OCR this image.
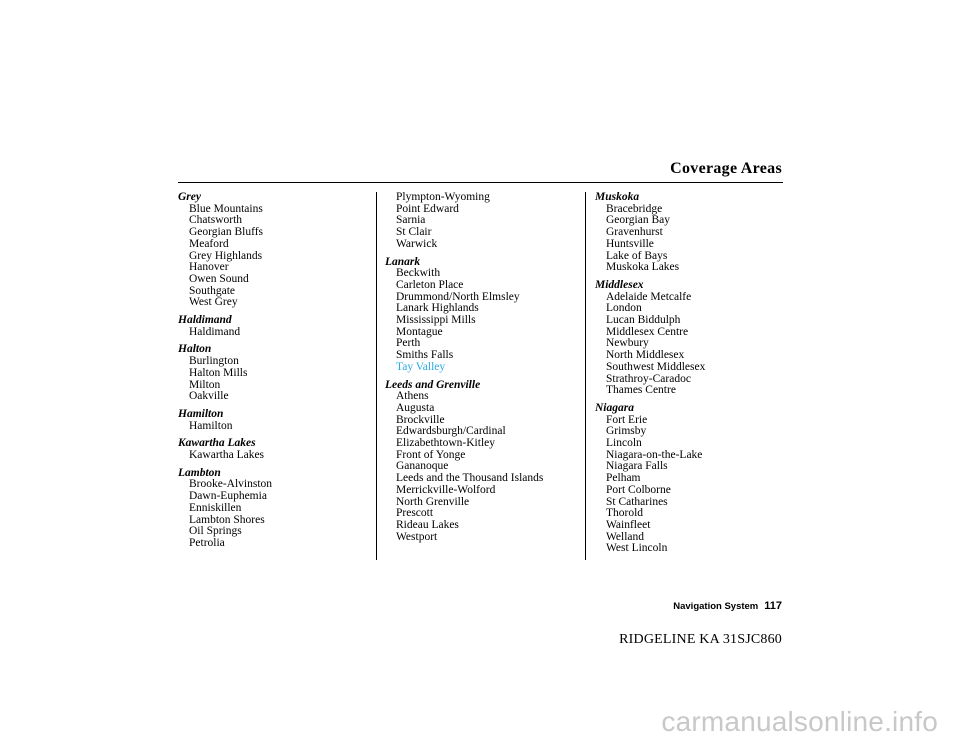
Coverage Areas
Grey
Blue Mountains
Chatsworth
Georgian Bluffs
Meaford
Grey Highlands
Hanover
Owen Sound
Southgate
West Grey
Haldimand
Haldimand
Halton
Burlington
Halton Mills
Milton
Oakville
Hamilton
Hamilton
Kawartha Lakes
Kawartha Lakes
Lambton
Brooke-Alvinston
Dawn-Euphemia
Enniskillen
Lambton Shores
Oil Springs
Petrolia
Plympton-Wyoming
Point Edward
Sarnia
St Clair
Warwick
Lanark
Beckwith
Carleton Place
Drummond/North Elmsley
Lanark Highlands
Mississippi Mills
Montague
Perth
Smiths Falls
Tay Valley
Leeds and Grenville
Athens
Augusta
Brockville
Edwardsburgh/Cardinal
Elizabethtown-Kitley
Front of Yonge
Gananoque
Leeds and the Thousand Islands
Merrickville-Wolford
North Grenville
Prescott
Rideau Lakes
Westport
Muskoka
Bracebridge
Georgian Bay
Gravenhurst
Huntsville
Lake of Bays
Muskoka Lakes
Middlesex
Adelaide Metcalfe
London
Lucan Biddulph
Middlesex Centre
Newbury
North Middlesex
Southwest Middlesex
Strathroy-Caradoc
Thames Centre
Niagara
Fort Erie
Grimsby
Lincoln
Niagara-on-the-Lake
Niagara Falls
Pelham
Port Colborne
St Catharines
Thorold
Wainfleet
Welland
West Lincoln
Navigation System 117
RIDGELINE KA 31SJC860
carmanualsonline.info
